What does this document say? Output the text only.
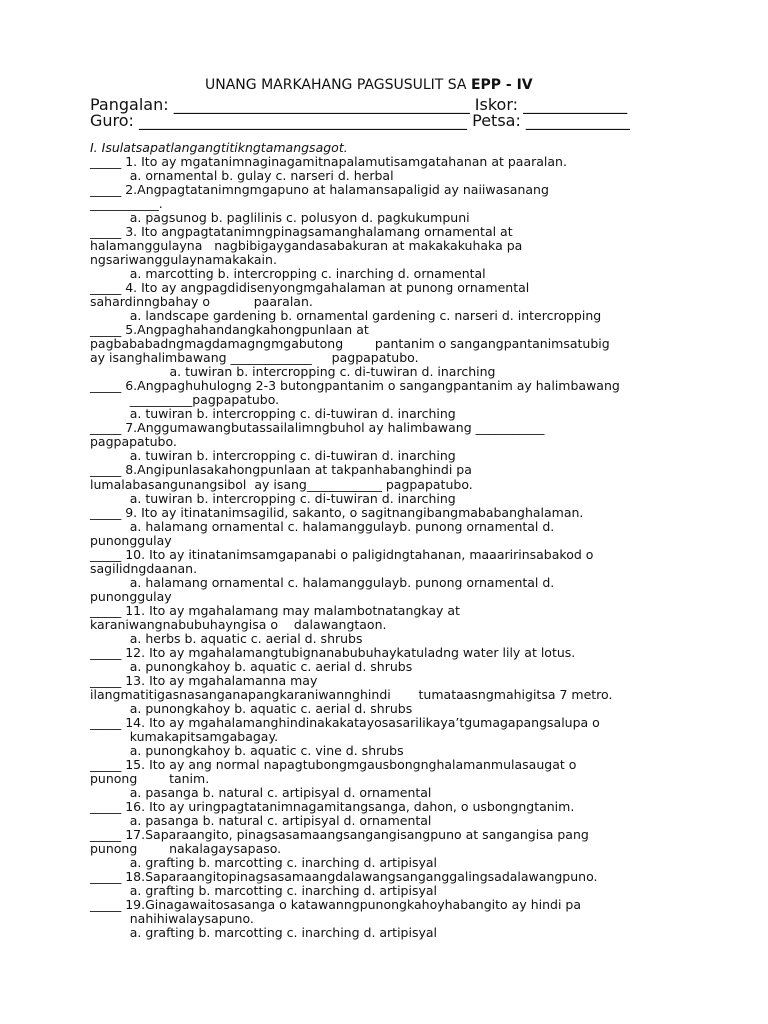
UNANG MARKAHANG PAGSUSULIT SA EPP - IV
Pangalan: _____________________________________ Iskor: _____________
Guro: _________________________________________ Petsa: _____________
I. Isulatsapatlangangtitikngtamangsagot.
_____ 1. Ito ay mgatanimnaginagamitnapalamutisamgatahanan at paaralan.
a. ornamental b. gulay c. narseri d. herbal
_____ 2.Angpagtatanimngmgapuno at halamansapaligid ay naiiwasanang
___________.
a. pagsunog b. paglilinis c. polusyon d. pagkukumpuni
_____ 3. Ito angpagtatanimngpinagsamanghalamang ornamental at
halamanggulayna   nagbibigaygandasabakuran at makakakuhaka pa
ngsariwanggulaynamakakain.
a. marcotting b. intercropping c. inarching d. ornamental
_____ 4. Ito ay angpagdidisenyongmgahalaman at punong ornamental
sahardinngbahay o           paaralan.
a. landscape gardening b. ornamental gardening c. narseri d. intercropping
_____ 5.Angpaghahandangkahongpunlaan at
pagbababadngmagdamagngmgabutong        pantanim o sangangpantanimsatubig
ay isanghalimbawang _____________     pagpapatubo.
a. tuwiran b. intercropping c. di-tuwiran d. inarching
_____ 6.Angpaghuhulogng 2-3 butongpantanim o sangangpantanim ay halimbawang
__________pagpapatubo.
a. tuwiran b. intercropping c. di-tuwiran d. inarching
_____ 7.Anggumawangbutassailalimngbuhol ay halimbawang ___________
pagpapatubo.
a. tuwiran b. intercropping c. di-tuwiran d. inarching
_____ 8.Angipunlasakahongpunlaan at takpanhabanghindi pa
lumalabasangunangsibol  ay isang____________ pagpapatubo.
a. tuwiran b. intercropping c. di-tuwiran d. inarching
_____ 9. Ito ay itinatanimsagilid, sakanto, o sagitnangibangmababanghalaman.
a. halamang ornamental c. halamanggulayb. punong ornamental d.
punonggulay
_____ 10. Ito ay itinatanimsamgapanabi o paligidngtahanan, maaaririnsabakod o
sagilidngdaanan.
a. halamang ornamental c. halamanggulayb. punong ornamental d.
punonggulay
_____ 11. Ito ay mgahalamang may malambotnatangkay at
karaniwangnabubuhayngisa o    dalawangtaon.
a. herbs b. aquatic c. aerial d. shrubs
_____ 12. Ito ay mgahalamangtubignanabubuhaykatuladng water lily at lotus.
a. punongkahoy b. aquatic c. aerial d. shrubs
_____ 13. Ito ay mgahalamanna may
ilangmatitigasnasanganapangkaraniwannghindi       tumataasngmahigitsa 7 metro.
a. punongkahoy b. aquatic c. aerial d. shrubs
_____ 14. Ito ay mgahalamanghindinakakatayosasarilikaya’tgumagapangsalupa o
kumakapitsamgabagay.
a. punongkahoy b. aquatic c. vine d. shrubs
_____ 15. Ito ay ang normal napagtubongmgausbongnghalamanmulasaugat o
punong        tanim.
a. pasanga b. natural c. artipisyal d. ornamental
_____ 16. Ito ay uringpagtatanimnagamitangsanga, dahon, o usbongngtanim.
a. pasanga b. natural c. artipisyal d. ornamental
_____ 17.Saparaangito, pinagsasamaangsangangisangpuno at sangangisa pang
punong        nakalagaysapaso.
a. grafting b. marcotting c. inarching d. artipisyal
_____ 18.Saparaangitopinagsasamaangdalawangsanganggalingsadalawangpuno.
a. grafting b. marcotting c. inarching d. artipisyal
_____ 19.Ginagawaitosasanga o katawanngpunongkahoyhabangito ay hindi pa
nahihiwalaysapuno.
a. grafting b. marcotting c. inarching d. artipisyal
